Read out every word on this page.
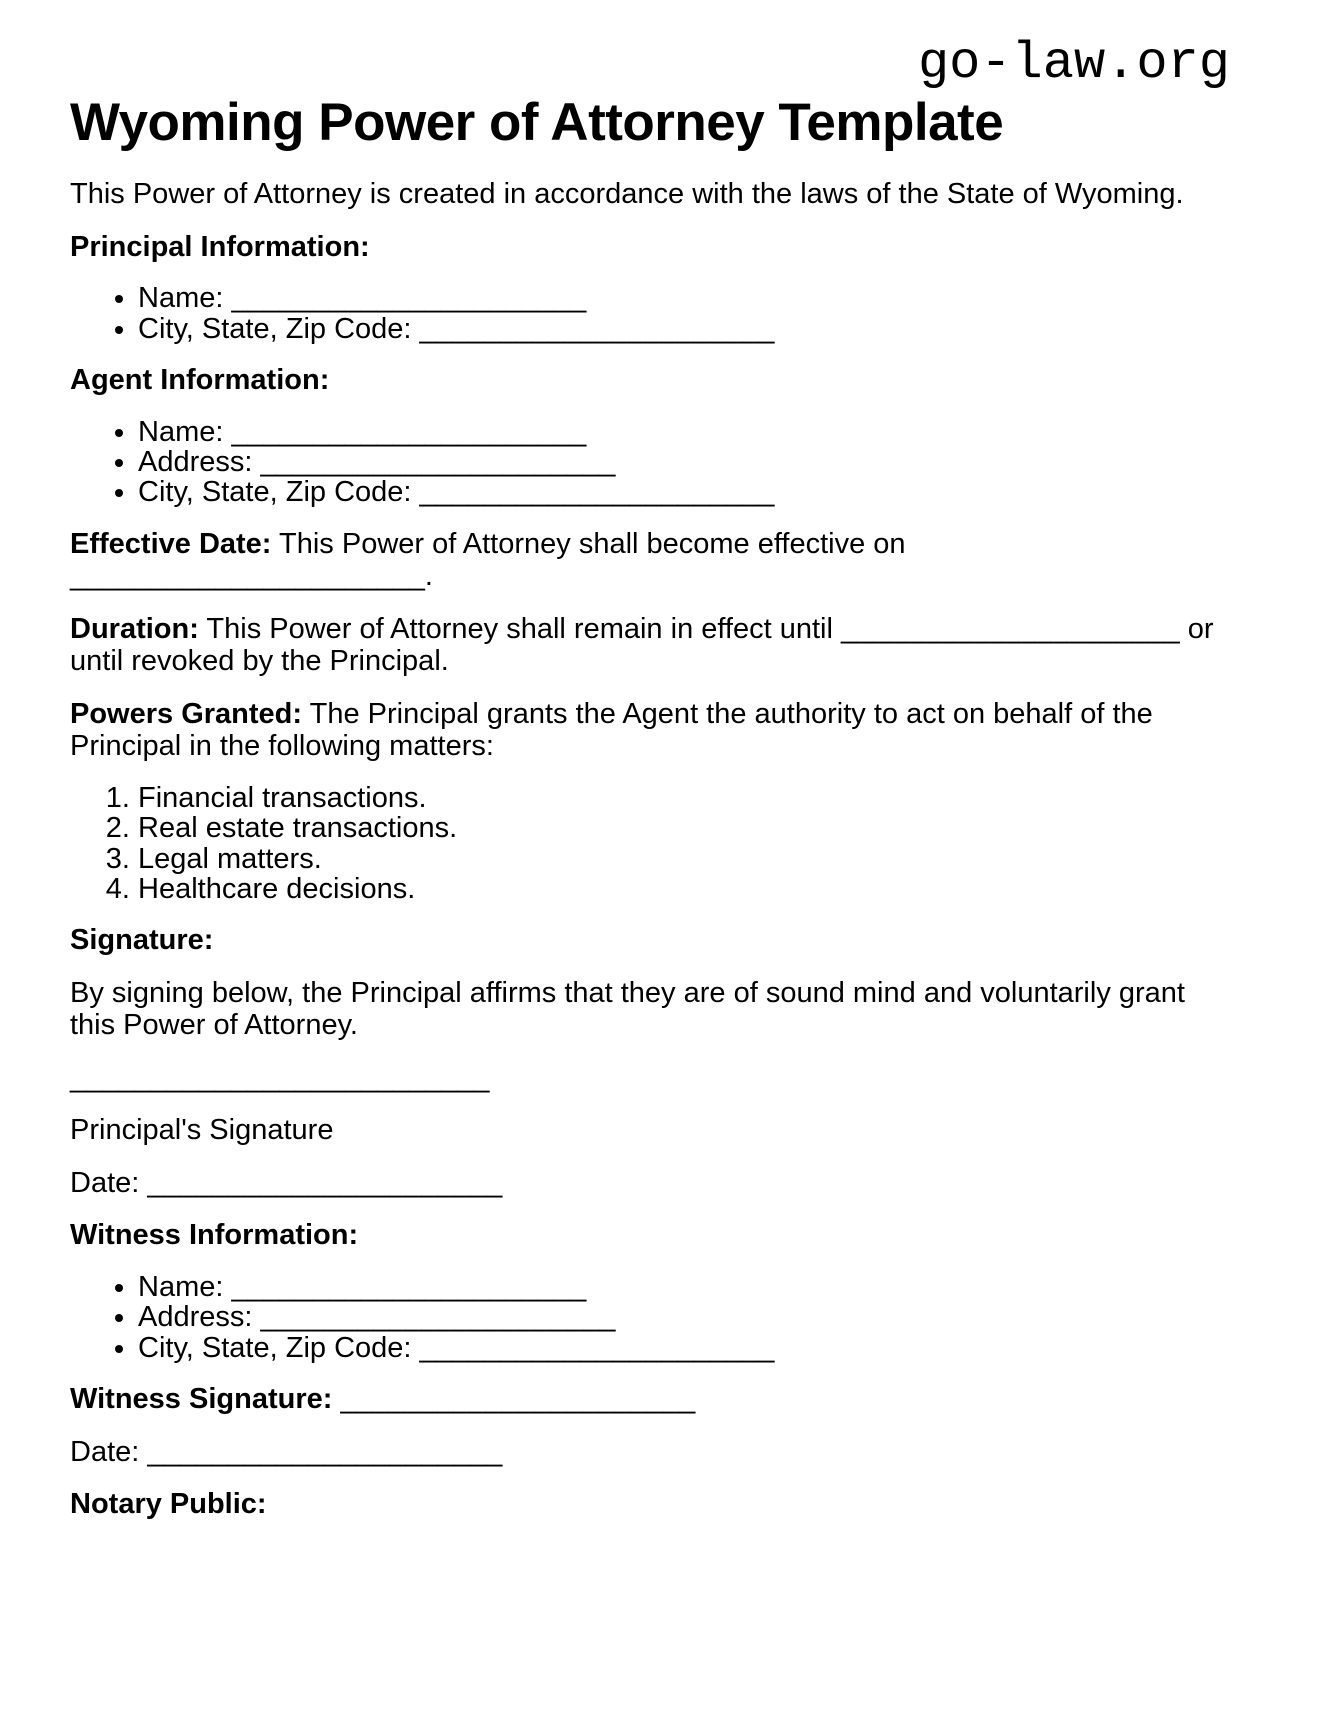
go-law.org
Wyoming Power of Attorney Template

This Power of Attorney is created in accordance with the laws of the State of Wyoming.

Principal Information:

• Name: ______________________
• City, State, Zip Code: ______________________

Agent Information:

• Name: ______________________
• Address: ______________________
• City, State, Zip Code: ______________________

Effective Date: This Power of Attorney shall become effective on ______________________.

Duration: This Power of Attorney shall remain in effect until _____________________ or until revoked by the Principal.

Powers Granted: The Principal grants the Agent the authority to act on behalf of the Principal in the following matters:

1. Financial transactions.
2. Real estate transactions.
3. Legal matters.
4. Healthcare decisions.

Signature:

By signing below, the Principal affirms that they are of sound mind and voluntarily grant this Power of Attorney.

__________________________

Principal's Signature

Date: ______________________

Witness Information:

• Name: ______________________
• Address: ______________________
• City, State, Zip Code: ______________________

Witness Signature: ______________________

Date: ______________________

Notary Public:
